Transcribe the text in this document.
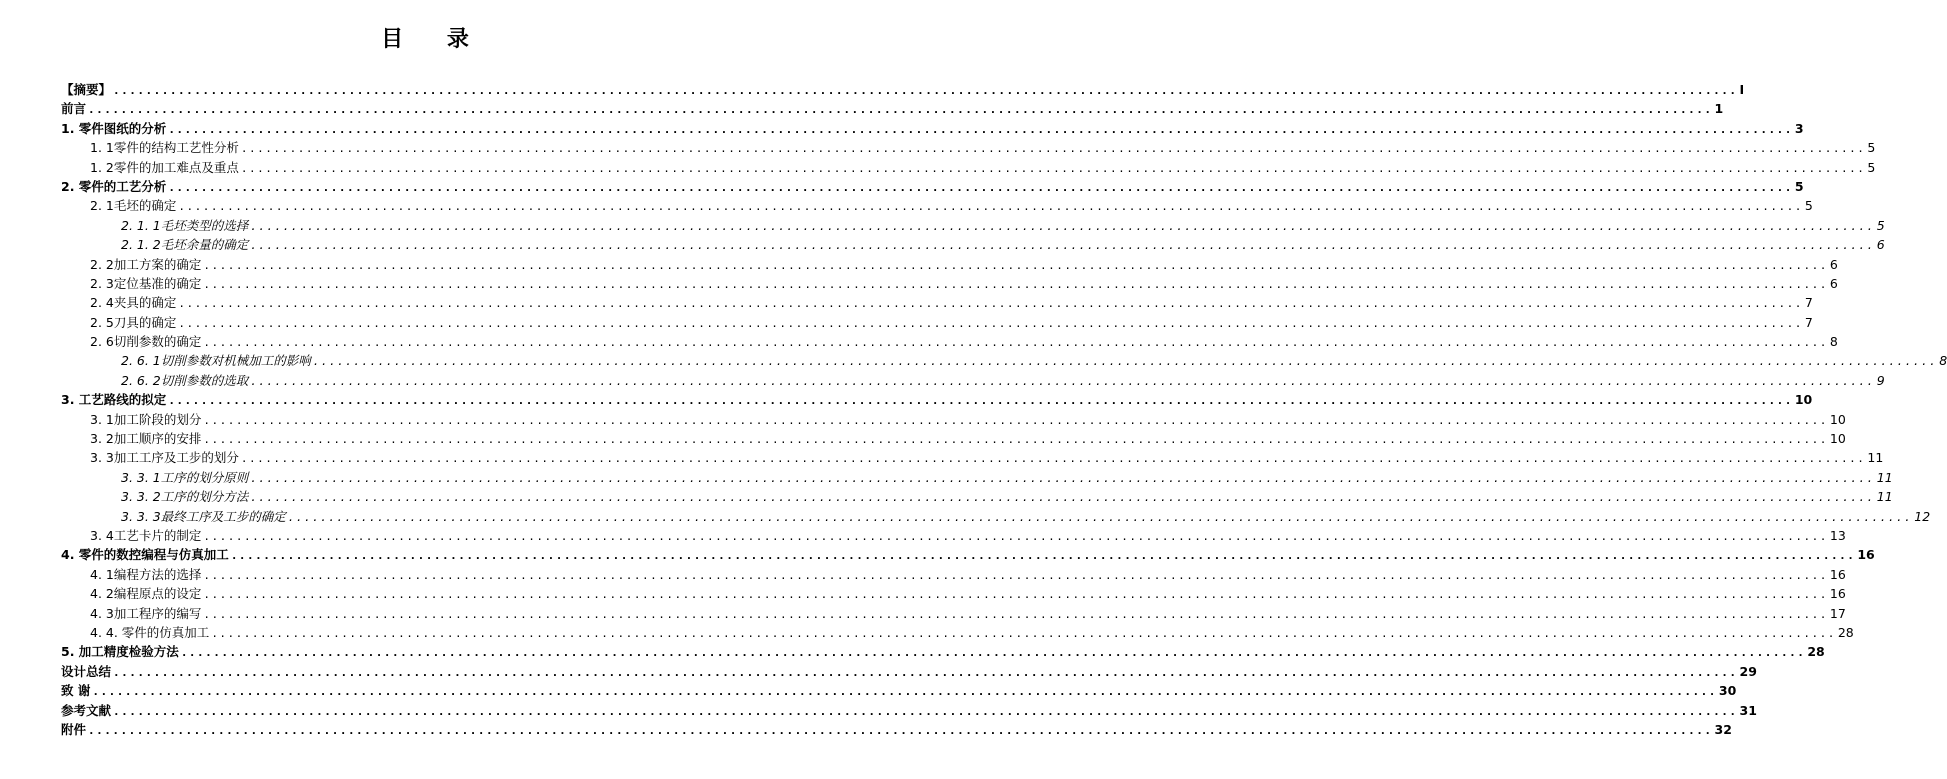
目 录
【摘要】 ........................................................................................................................................................................................................ I
前言 ........................................................................................................................................................................................................ 1
1. 零件图纸的分析 ........................................................................................................................................................................................................ 3
1. 1零件的结构工艺性分析 ........................................................................................................................................................................................................ 5
1. 2零件的加工难点及重点 ........................................................................................................................................................................................................ 5
2. 零件的工艺分析 ........................................................................................................................................................................................................ 5
2. 1毛坯的确定 ........................................................................................................................................................................................................ 5
2. 1. 1毛坯类型的选择 ........................................................................................................................................................................................................ 5
2. 1. 2毛坯余量的确定 ........................................................................................................................................................................................................ 6
2. 2加工方案的确定 ........................................................................................................................................................................................................ 6
2. 3定位基准的确定 ........................................................................................................................................................................................................ 6
2. 4夹具的确定 ........................................................................................................................................................................................................ 7
2. 5刀具的确定 ........................................................................................................................................................................................................ 7
2. 6切削参数的确定 ........................................................................................................................................................................................................ 8
2. 6. 1切削参数对机械加工的影响 ........................................................................................................................................................................................................ 8
2. 6. 2切削参数的选取 ........................................................................................................................................................................................................ 9
3. 工艺路线的拟定 ........................................................................................................................................................................................................ 10
3. 1加工阶段的划分 ........................................................................................................................................................................................................ 10
3. 2加工顺序的安排 ........................................................................................................................................................................................................ 10
3. 3加工工序及工步的划分 ........................................................................................................................................................................................................ 11
3. 3. 1工序的划分原则 ........................................................................................................................................................................................................ 11
3. 3. 2工序的划分方法 ........................................................................................................................................................................................................ 11
3. 3. 3最终工序及工步的确定 ........................................................................................................................................................................................................ 12
3. 4工艺卡片的制定 ........................................................................................................................................................................................................ 13
4. 零件的数控编程与仿真加工 ........................................................................................................................................................................................................ 16
4. 1编程方法的选择 ........................................................................................................................................................................................................ 16
4. 2编程原点的设定 ........................................................................................................................................................................................................ 16
4. 3加工程序的编写 ........................................................................................................................................................................................................ 17
4. 4. 零件的仿真加工 ........................................................................................................................................................................................................ 28
5. 加工精度检验方法 ........................................................................................................................................................................................................ 28
设计总结 ........................................................................................................................................................................................................ 29
致 谢 ........................................................................................................................................................................................................ 30
参考文献 ........................................................................................................................................................................................................ 31
附件 ........................................................................................................................................................................................................ 32
